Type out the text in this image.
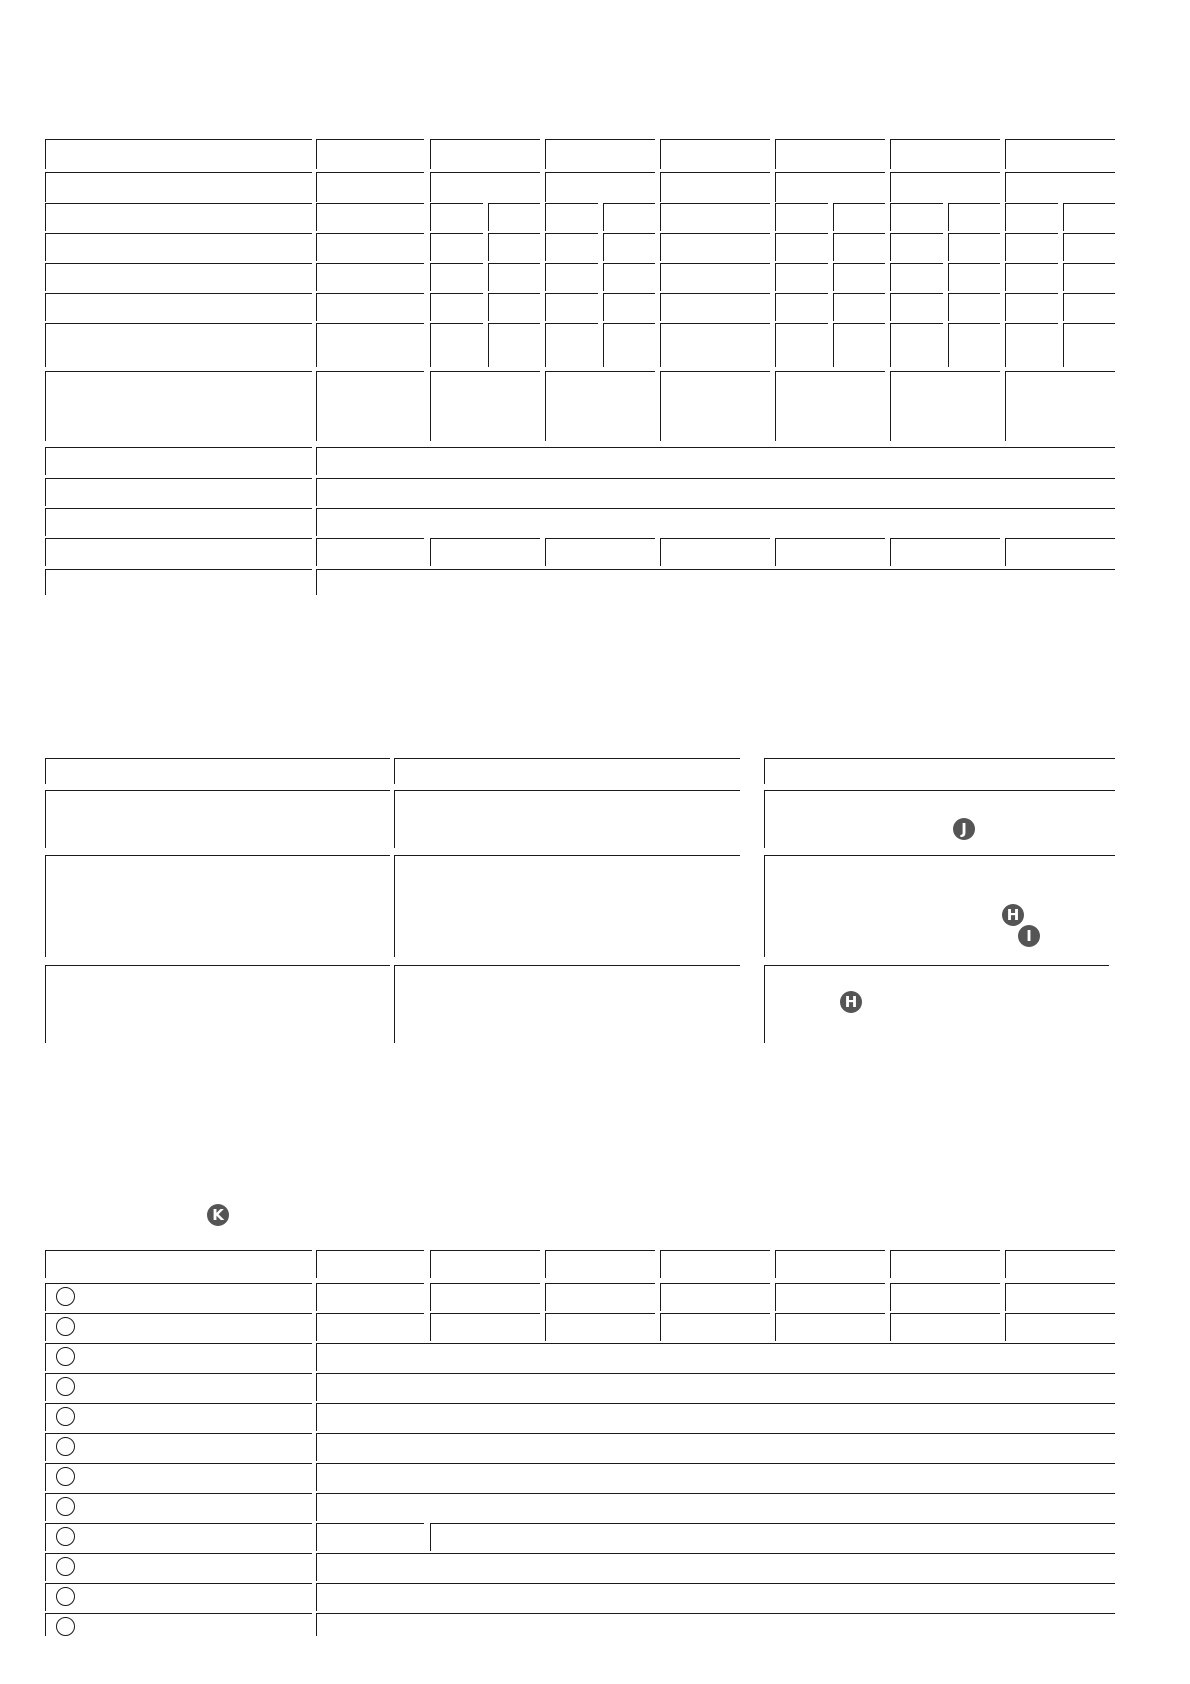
J
H
I
H
K
